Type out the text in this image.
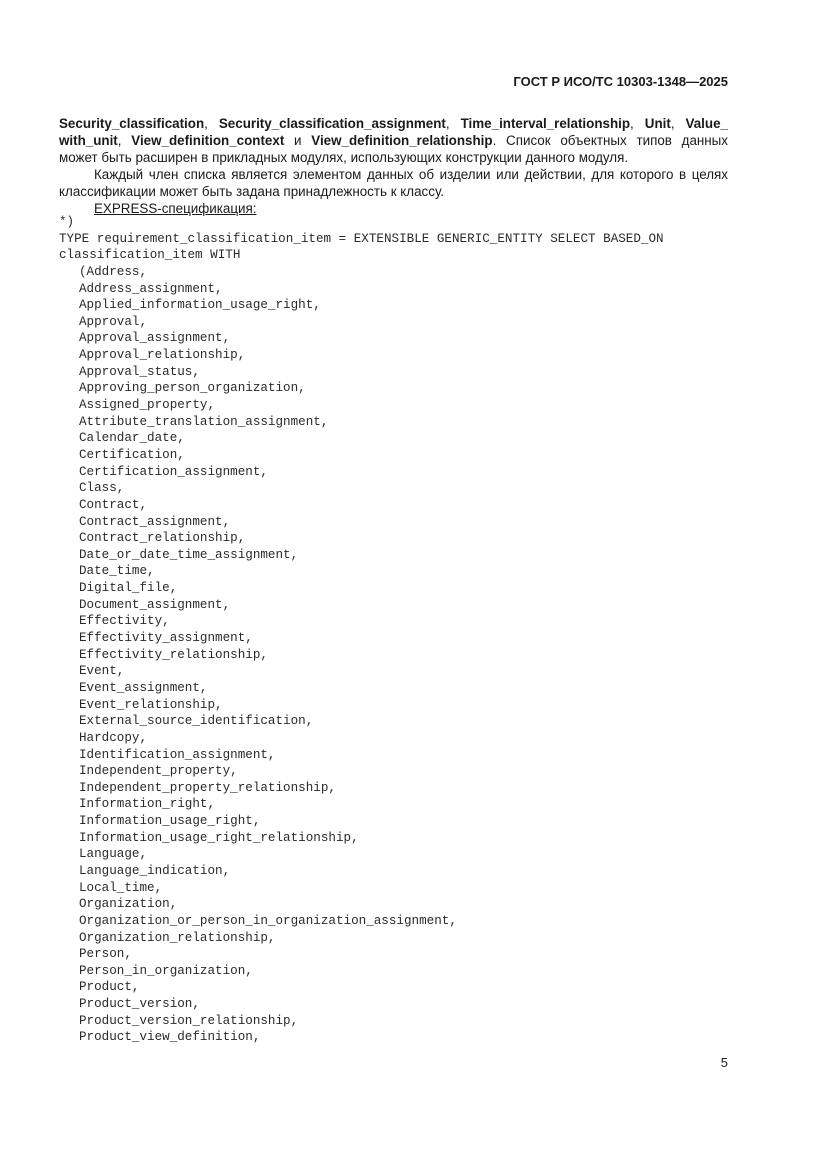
ГОСТ Р ИСО/ТС 10303-1348—2025

Security_classification, Security_classification_assignment, Time_interval_relationship, Unit, Value_ with_unit, View_definition_context и View_definition_relationship. Список объектных типов данных может быть расширен в прикладных модулях, использующих конструкции данного модуля.

Каждый член списка является элементом данных об изделии или действии, для которого в целях классификации может быть задана принадлежность к классу.

EXPRESS-спецификация:
*)
TYPE requirement_classification_item = EXTENSIBLE GENERIC_ENTITY SELECT BASED_ON
classification_item WITH
(Address,
Address_assignment,
Applied_information_usage_right,
Approval,
Approval_assignment,
Approval_relationship,
Approval_status,
Approving_person_organization,
Assigned_property,
Attribute_translation_assignment,
Calendar_date,
Certification,
Certification_assignment,
Class,
Contract,
Contract_assignment,
Contract_relationship,
Date_or_date_time_assignment,
Date_time,
Digital_file,
Document_assignment,
Effectivity,
Effectivity_assignment,
Effectivity_relationship,
Event,
Event_assignment,
Event_relationship,
External_source_identification,
Hardcopy,
Identification_assignment,
Independent_property,
Independent_property_relationship,
Information_right,
Information_usage_right,
Information_usage_right_relationship,
Language,
Language_indication,
Local_time,
Organization,
Organization_or_person_in_organization_assignment,
Organization_relationship,
Person,
Person_in_organization,
Product,
Product_version,
Product_version_relationship,
Product_view_definition,
5
